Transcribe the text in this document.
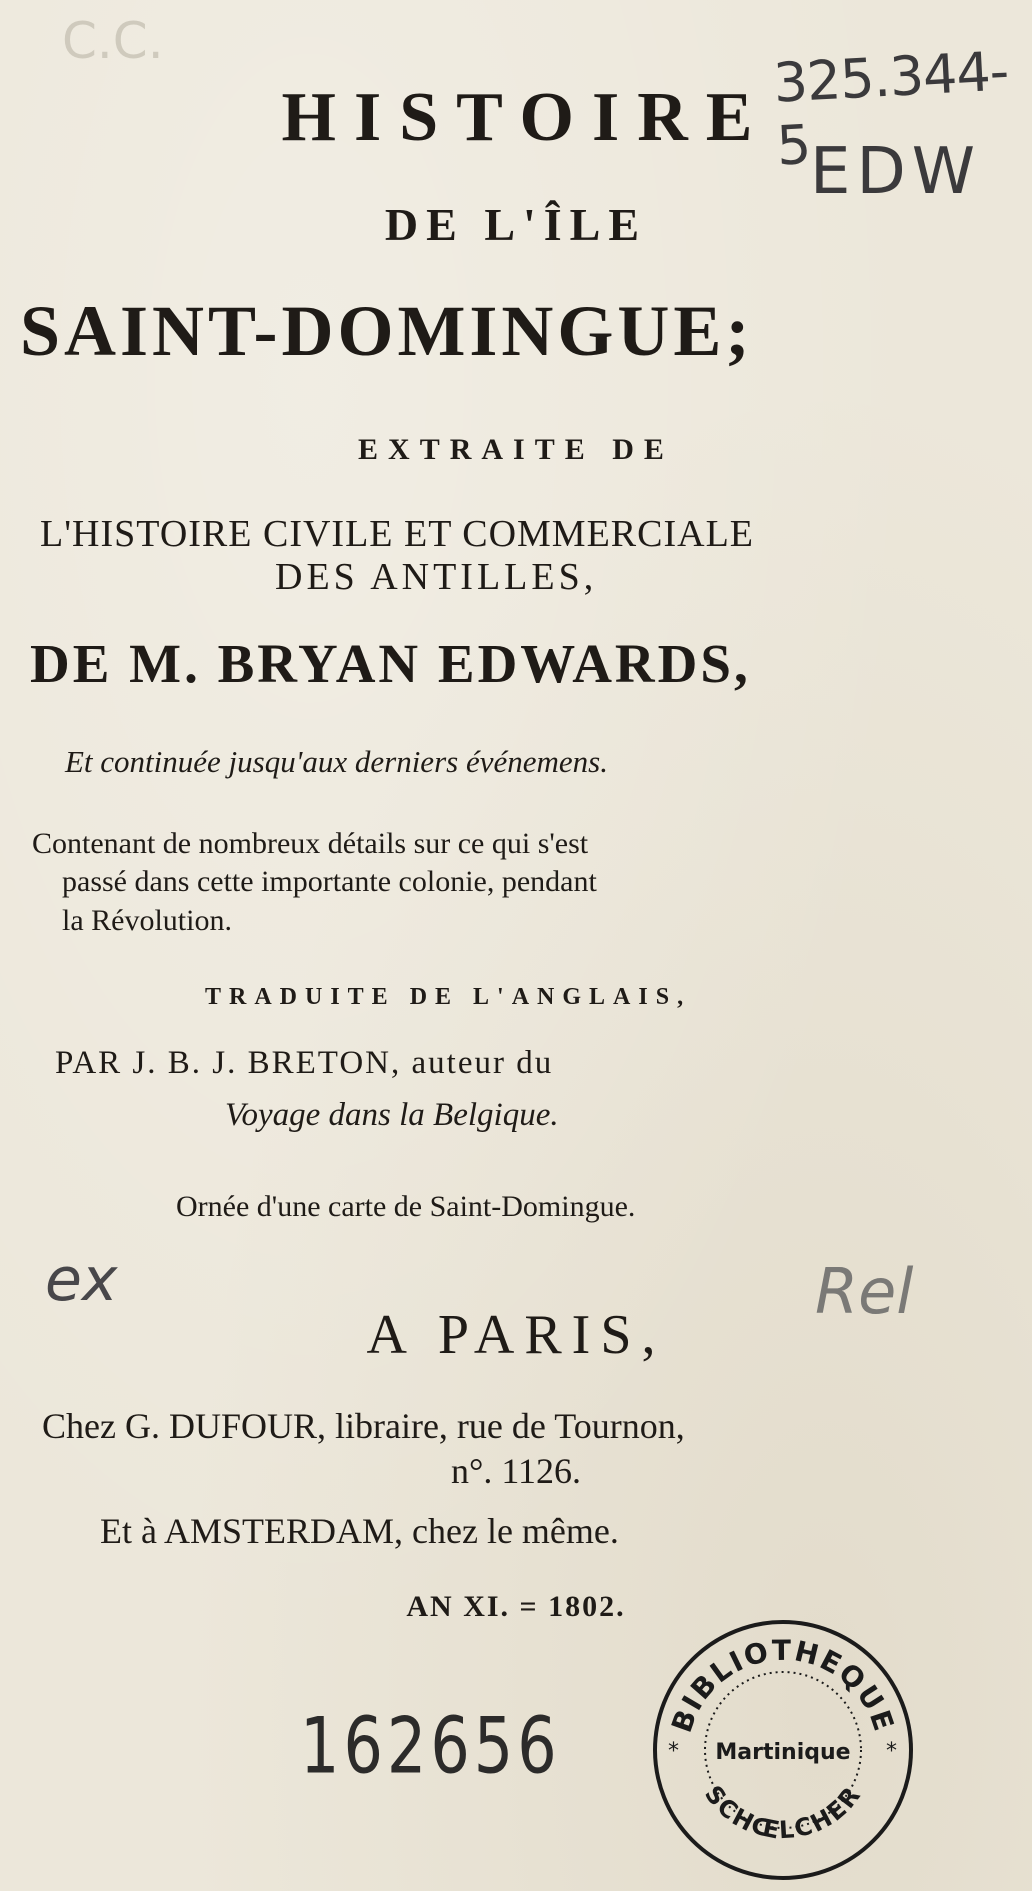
C.C.	325.344-5
EDW
HISTOIRE
DE L'ÎLE
SAINT-DOMINGUE;
EXTRAITE DE
L'HISTOIRE CIVILE ET COMMERCIALE
DES ANTILLES,
DE M. BRYAN EDWARDS,
Et continuée jusqu'aux derniers événemens.
Contenant de nombreux détails sur ce qui s'est
passé dans cette importante colonie, pendant
la Révolution.
TRADUITE DE L'ANGLAIS,
PAR J. B. J. BRETON, auteur du
Voyage dans la Belgique.
Ornée d'une carte de Saint-Domingue.
ex	Rel
A PARIS,
Chez G. DUFOUR, libraire, rue de Tournon,
n°. 1126.
Et à AMSTERDAM, chez le même.
AN XI. = 1802.
162656	BIBLIOTHEQUE
SCHŒLCHER
Martinique
*	*
